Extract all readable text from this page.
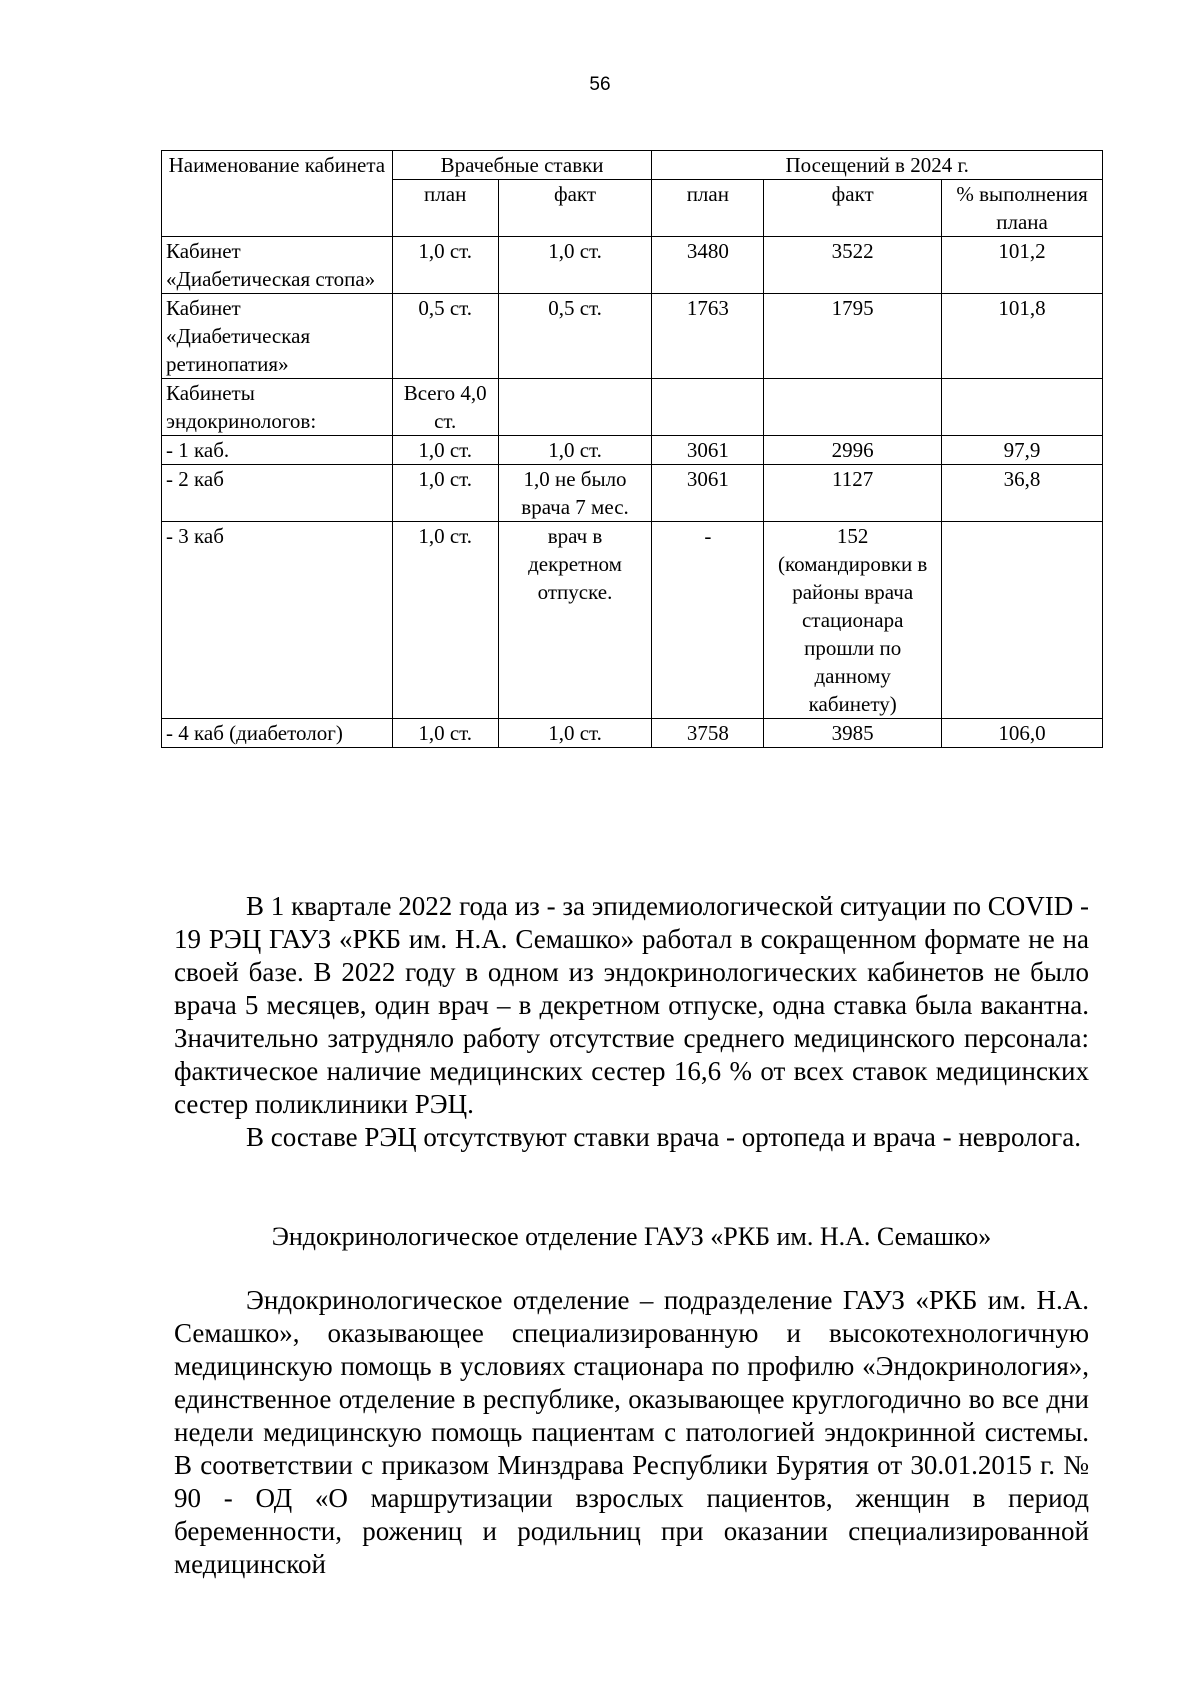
56
Наименование кабинета	Врачебные ставки		Посещений в 2024 г.		
	план	факт	план	факт	% выполнения плана
Кабинет «Диабетическая стопа»	1,0 ст.	1,0 ст.	3480	3522	101,2
Кабинет «Диабетическая ретинопатия»	0,5 ст.	0,5 ст.	1763	1795	101,8
Кабинеты эндокринологов:	Всего 4,0 ст.				
- 1 каб.	1,0 ст.	1,0 ст.	3061	2996	97,9
- 2 каб	1,0 ст.	1,0 не было врача 7 мес.	3061	1127	36,8
- 3 каб	1,0 ст.	врач в декретном отпуске.	-	152 (командировки в районы врача стационара прошли по данному кабинету)	
- 4 каб (диабетолог)	1,0 ст.	1,0 ст.	3758	3985	106,0

В 1 квартале 2022 года из - за эпидемиологической ситуации по COVID - 19 РЭЦ ГАУЗ «РКБ им. Н.А. Семашко» работал в сокращенном формате не на своей базе. В 2022 году в одном из эндокринологических кабинетов не было врача 5 месяцев, один врач – в декретном отпуске, одна ставка была вакантна. Значительно затрудняло работу отсутствие среднего медицинского персонала: фактическое наличие медицинских сестер 16,6 % от всех ставок медицинских сестер поликлиники РЭЦ.

В составе РЭЦ отсутствуют ставки врача - ортопеда и врача - невролога.

Эндокринологическое отделение ГАУЗ «РКБ им. Н.А. Семашко»

Эндокринологическое отделение – подразделение ГАУЗ «РКБ им. Н.А. Семашко», оказывающее специализированную и высокотехнологичную медицинскую помощь в условиях стационара по профилю «Эндокринология», единственное отделение в республике, оказывающее круглогодично во все дни недели медицинскую помощь пациентам с патологией эндокринной системы. В соответствии с приказом Минздрава Республики Бурятия от 30.01.2015 г. № 90 - ОД «О маршрутизации взрослых пациентов, женщин в период беременности, рожениц и родильниц при оказании специализированной медицинской
